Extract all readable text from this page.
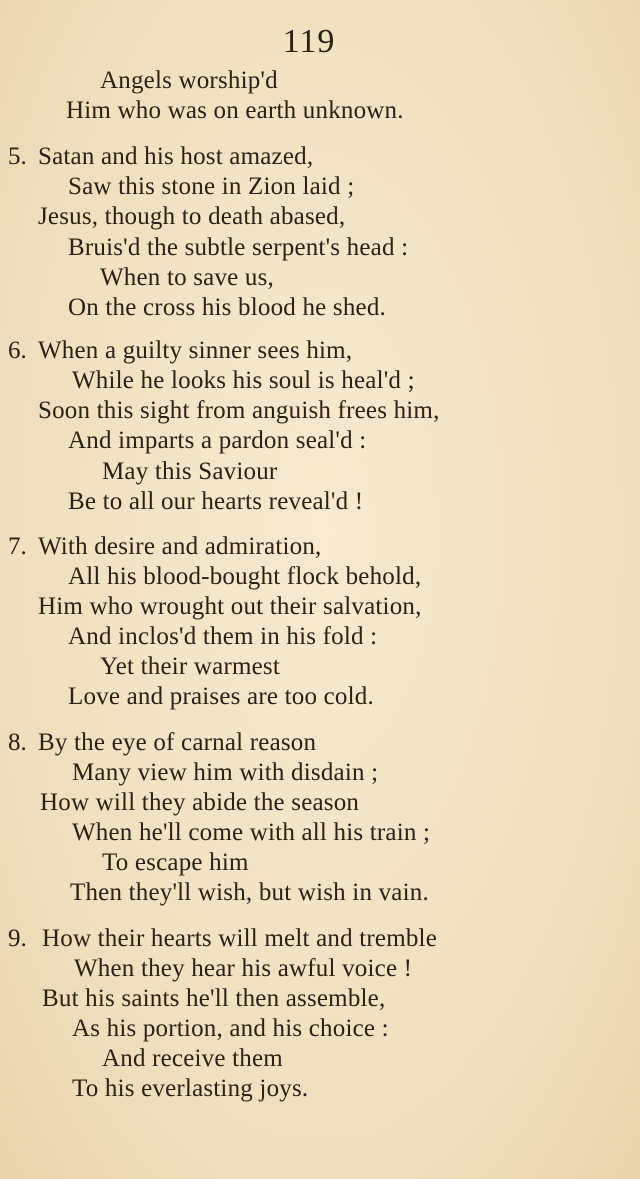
119
Angels worship'd
Him who was on earth unknown.
5. Satan and his host amazed,
Saw this stone in Zion laid ;
Jesus, though to death abased,
Bruis'd the subtle serpent's head :
When to save us,
On the cross his blood he shed.
6. When a guilty sinner sees him,
While he looks his soul is heal'd ;
Soon this sight from anguish frees him,
And imparts a pardon seal'd :
May this Saviour
Be to all our hearts reveal'd !
7. With desire and admiration,
All his blood-bought flock behold,
Him who wrought out their salvation,
And inclos'd them in his fold :
Yet their warmest
Love and praises are too cold.
8. By the eye of carnal reason
Many view him with disdain ;
How will they abide the season
When he'll come with all his train ;
To escape him
Then they'll wish, but wish in vain.
9. How their hearts will melt and tremble
When they hear his awful voice !
But his saints he'll then assemble,
As his portion, and his choice :
And receive them
To his everlasting joys.
